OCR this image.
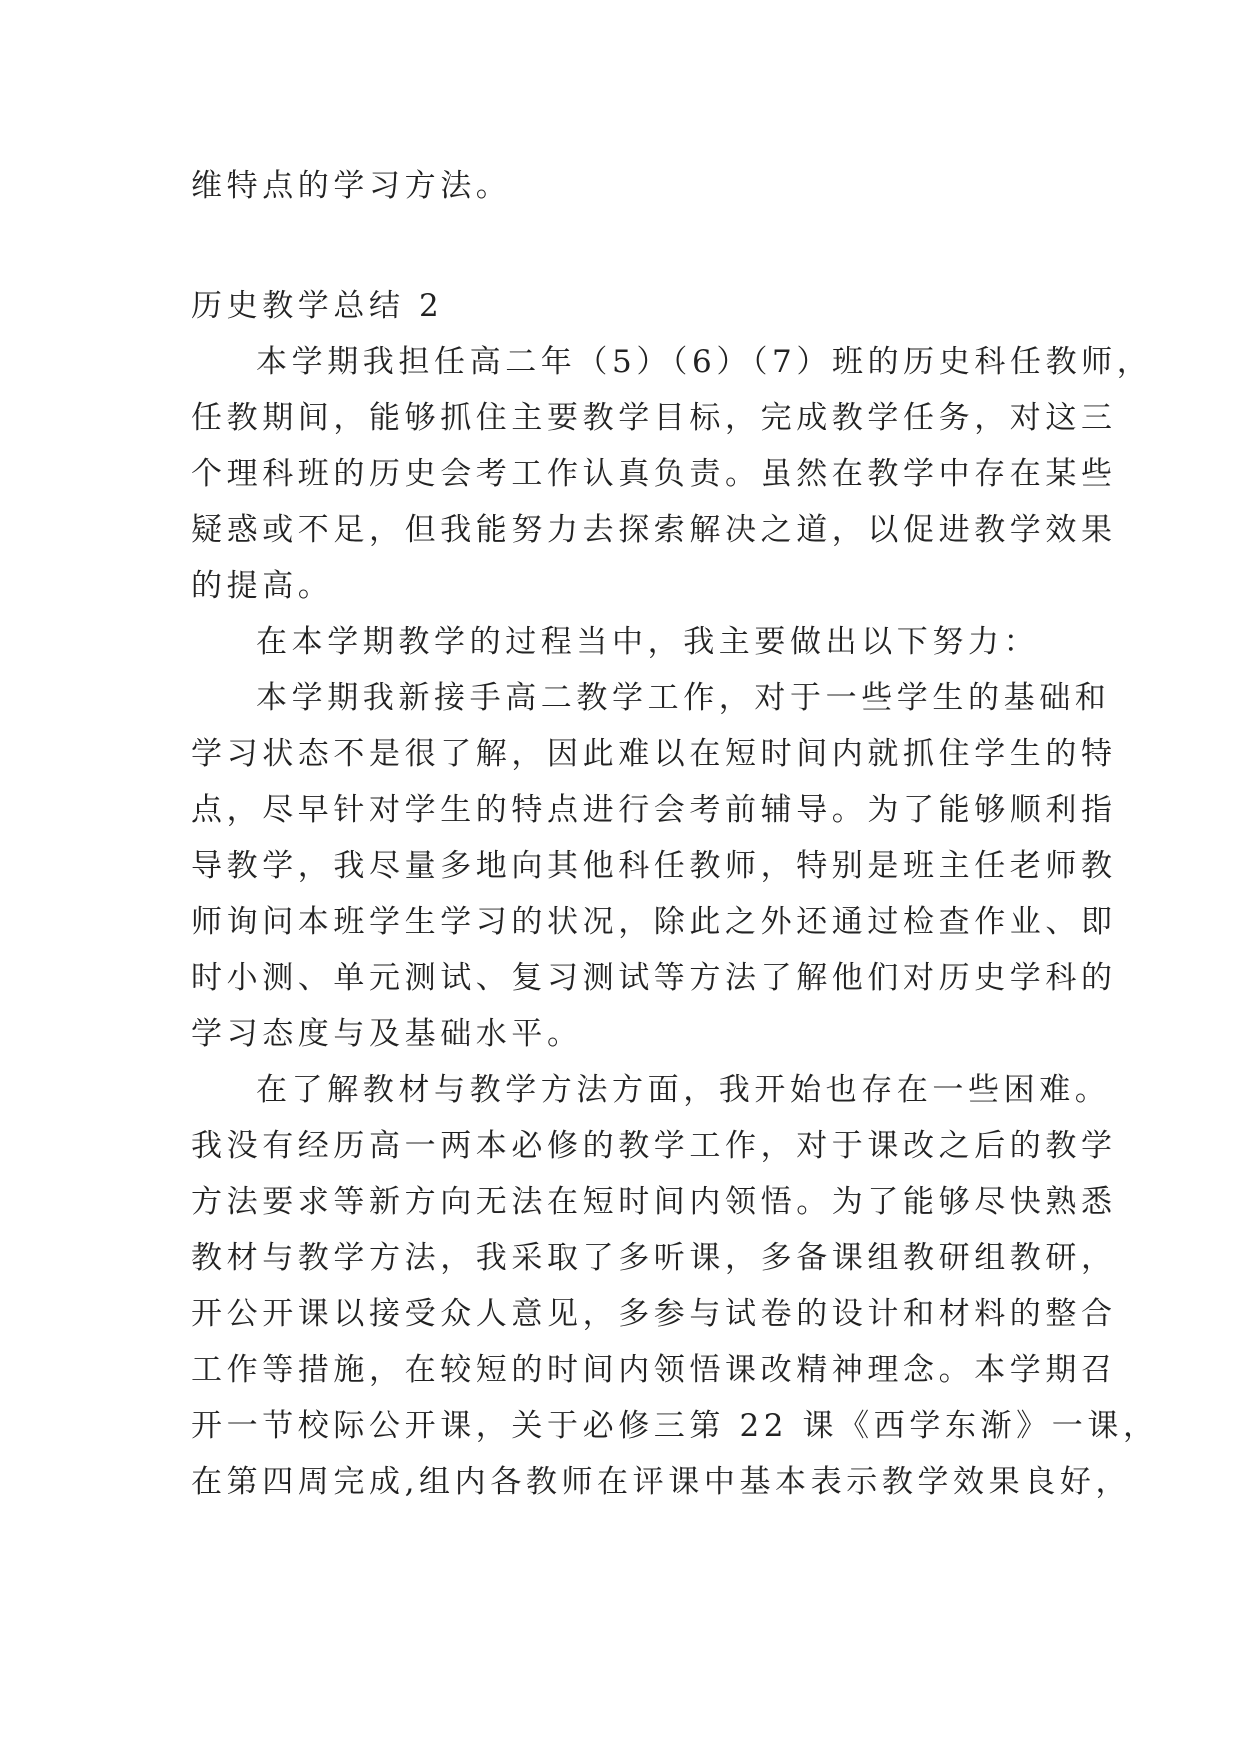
维特点的学习方法。
历史教学总结 2
本学期我担任高二年（5）（6）（7）班的历史科任教师，
任教期间，能够抓住主要教学目标，完成教学任务，对这三
个理科班的历史会考工作认真负责。虽然在教学中存在某些
疑惑或不足，但我能努力去探索解决之道，以促进教学效果
的提高。
在本学期教学的过程当中，我主要做出以下努力：
本学期我新接手高二教学工作，对于一些学生的基础和
学习状态不是很了解，因此难以在短时间内就抓住学生的特
点，尽早针对学生的特点进行会考前辅导。为了能够顺利指
导教学，我尽量多地向其他科任教师，特别是班主任老师教
师询问本班学生学习的状况，除此之外还通过检查作业、即
时小测、单元测试、复习测试等方法了解他们对历史学科的
学习态度与及基础水平。
在了解教材与教学方法方面，我开始也存在一些困难。
我没有经历高一两本必修的教学工作，对于课改之后的教学
方法要求等新方向无法在短时间内领悟。为了能够尽快熟悉
教材与教学方法，我采取了多听课，多备课组教研组教研，
开公开课以接受众人意见，多参与试卷的设计和材料的整合
工作等措施，在较短的时间内领悟课改精神理念。本学期召
开一节校际公开课，关于必修三第 22 课《西学东渐》一课，
在第四周完成,组内各教师在评课中基本表示教学效果良好，
